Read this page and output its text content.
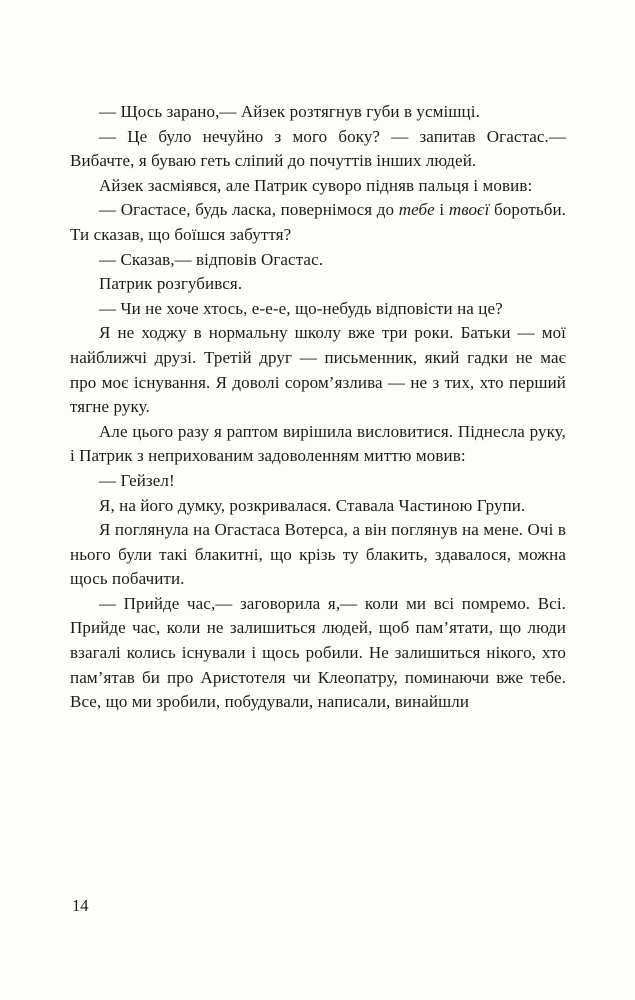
— Щось зарано,— Айзек розтягнув губи в усмішці.

— Це було нечуйно з мого боку? — запитав Огастас.— Вибачте, я буваю геть сліпий до почуттів інших людей.

Айзек засміявся, але Патрик суворо підняв пальця і мовив:

— Огастасе, будь ласка, повернімося до тебе і твоєї боротьби. Ти сказав, що боїшся забуття?

— Сказав,— відповів Огастас.

Патрик розгубився.

— Чи не хоче хтось, е-е-е, що-небудь відповісти на це?

Я не ходжу в нормальну школу вже три роки. Батьки — мої найближчі друзі. Третій друг — письменник, який гадки не має про моє існування. Я доволі сором’язлива — не з тих, хто перший тягне руку.

Але цього разу я раптом вирішила висловитися. Піднесла руку, і Патрик з неприхованим задоволенням миттю мовив:

— Гейзел!

Я, на його думку, розкривалася. Ставала Частиною Групи.

Я поглянула на Огастаса Вотерса, а він поглянув на мене. Очі в нього були такі блакитні, що крізь ту блакить, здавалося, можна щось побачити.

— Прийде час,— заговорила я,— коли ми всі помремо. Всі. Прийде час, коли не залишиться людей, щоб пам’ятати, що люди взагалі колись існували і щось робили. Не залишиться нікого, хто пам’ятав би про Аристотеля чи Клеопатру, поминаючи вже тебе. Все, що ми зробили, побудували, написали, винайшли

14
